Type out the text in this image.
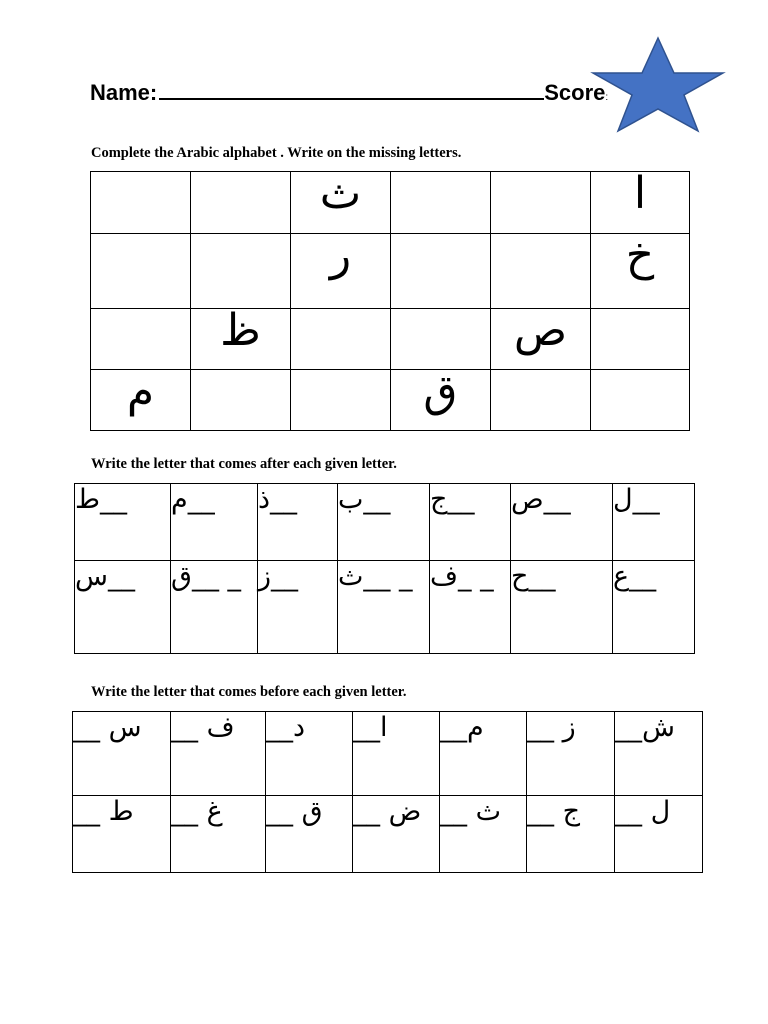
Name:	Score:
Complete the Arabic alphabet . Write on the missing letters.
		ث			ا
		ر			خ
	ظ			ص	
م			ق		
Write the letter that comes after each given letter.
ط__	م__	ذ__	ب__	ج__	ص__	ل__
س__	ق__ _	ز__	ث__ _	ف_ _	ح__	ع__
Write the letter that comes before each given letter.
__ س	__ ف	__د	__ا	__م	__ ز	__ش
__ ط	__ غ	__ ق	__ ض	__ ث	__ ج	__ ل
